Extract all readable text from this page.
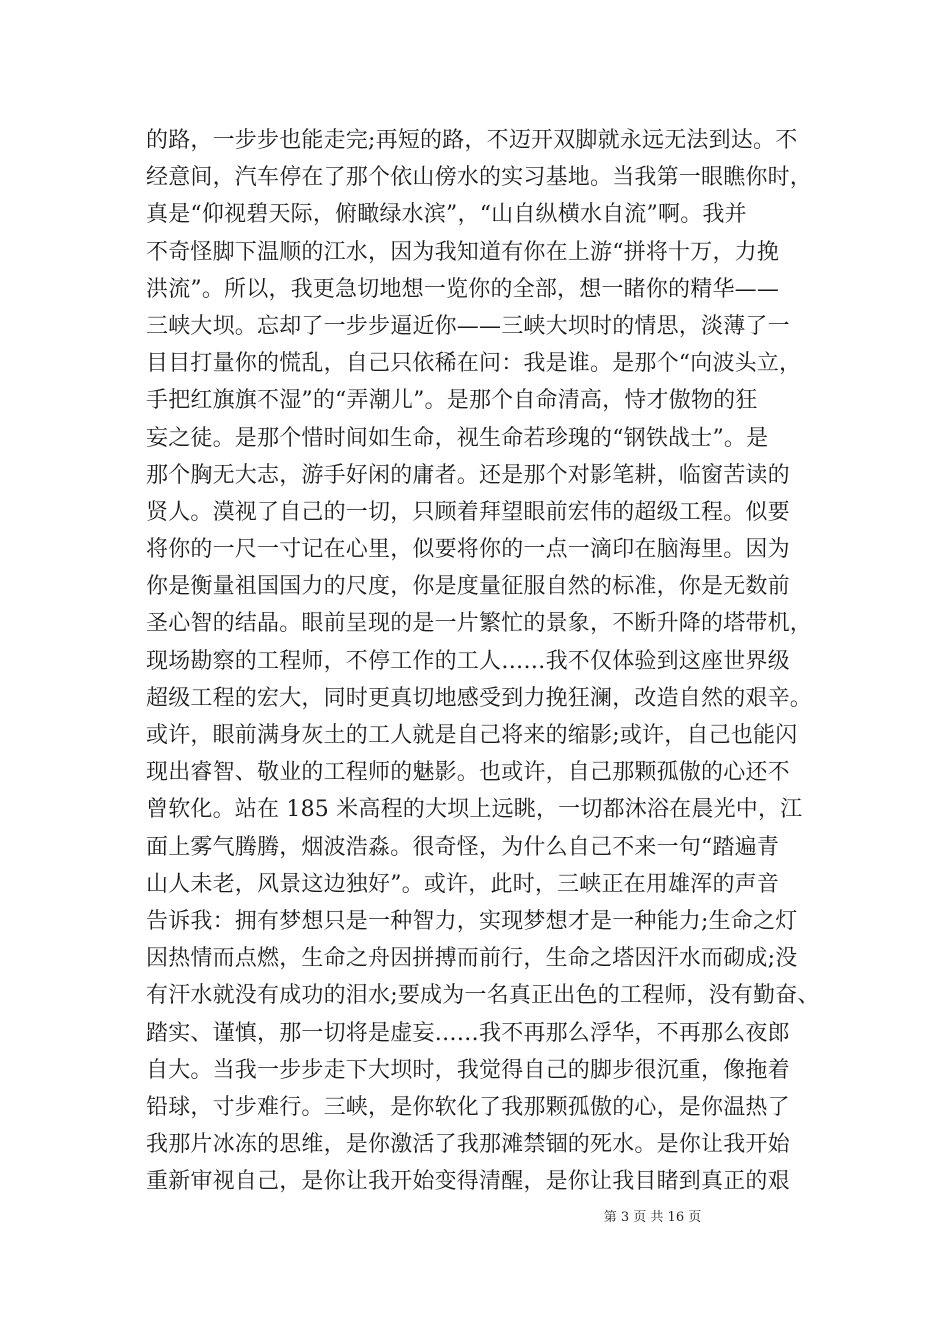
的路，一步步也能走完;再短的路，不迈开双脚就永远无法到达。不
经意间，汽车停在了那个依山傍水的实习基地。当我第一眼瞧你时，
真是“仰视碧天际，俯瞰绿水滨”，“山自纵横水自流”啊。我并
不奇怪脚下温顺的江水，因为我知道有你在上游“拼将十万，力挽
洪流”。所以，我更急切地想一览你的全部，想一睹你的精华——
三峡大坝。忘却了一步步逼近你——三峡大坝时的情思，淡薄了一
目目打量你的慌乱，自己只依稀在问：我是谁。是那个“向波头立，
手把红旗旗不湿”的“弄潮儿”。是那个自命清高，恃才傲物的狂
妄之徒。是那个惜时间如生命，视生命若珍瑰的“钢铁战士”。是
那个胸无大志，游手好闲的庸者。还是那个对影笔耕，临窗苦读的
贤人。漠视了自己的一切，只顾着拜望眼前宏伟的超级工程。似要
将你的一尺一寸记在心里，似要将你的一点一滴印在脑海里。因为
你是衡量祖国国力的尺度，你是度量征服自然的标准，你是无数前
圣心智的结晶。眼前呈现的是一片繁忙的景象，不断升降的塔带机，
现场勘察的工程师，不停工作的工人……我不仅体验到这座世界级
超级工程的宏大，同时更真切地感受到力挽狂澜，改造自然的艰辛。
或许，眼前满身灰土的工人就是自己将来的缩影;或许，自己也能闪
现出睿智、敬业的工程师的魅影。也或许，自己那颗孤傲的心还不
曾软化。站在 185 米高程的大坝上远眺，一切都沐浴在晨光中，江
面上雾气腾腾，烟波浩淼。很奇怪，为什么自己不来一句“踏遍青
山人未老，风景这边独好”。或许，此时，三峡正在用雄浑的声音
告诉我：拥有梦想只是一种智力，实现梦想才是一种能力;生命之灯
因热情而点燃，生命之舟因拼搏而前行，生命之塔因汗水而砌成;没
有汗水就没有成功的泪水;要成为一名真正出色的工程师，没有勤奋、
踏实、谨慎，那一切将是虚妄……我不再那么浮华，不再那么夜郎
自大。当我一步步走下大坝时，我觉得自己的脚步很沉重，像拖着
铅球，寸步难行。三峡，是你软化了我那颗孤傲的心，是你温热了
我那片冰冻的思维，是你激活了我那滩禁锢的死水。是你让我开始
重新审视自己，是你让我开始变得清醒，是你让我目睹到真正的艰
第 3 页 共 16 页
